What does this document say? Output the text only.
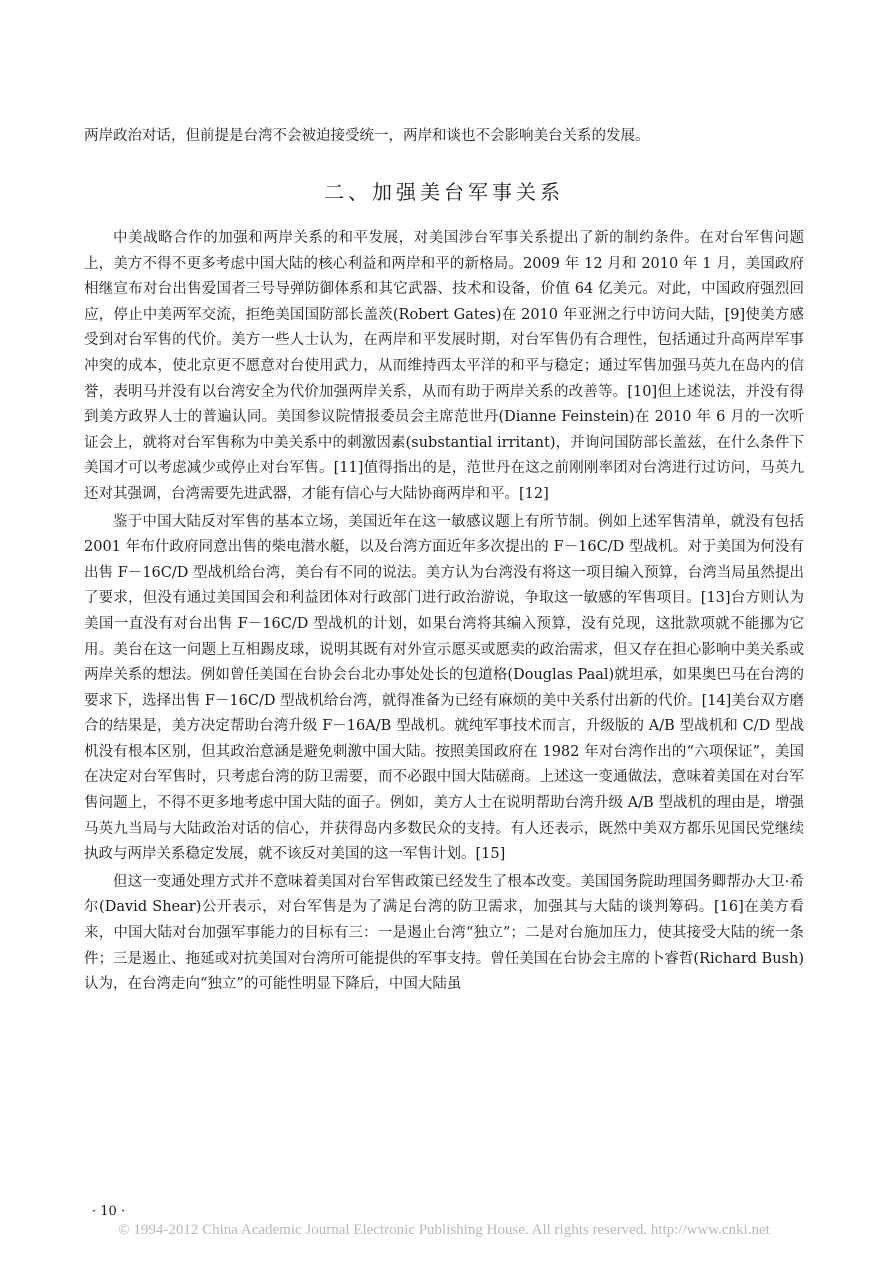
两岸政治对话，但前提是台湾不会被迫接受统一，两岸和谈也不会影响美台关系的发展。

二、加强美台军事关系

中美战略合作的加强和两岸关系的和平发展，对美国涉台军事关系提出了新的制约条件。在对台军售问题上，美方不得不更多考虑中国大陆的核心利益和两岸和平的新格局。2009 年 12 月和 2010 年 1 月，美国政府相继宣布对台出售爱国者三号导弹防御体系和其它武器、技术和设备，价值 64 亿美元。对此，中国政府强烈回应，停止中美两军交流，拒绝美国国防部长盖茨(Robert Gates)在 2010 年亚洲之行中访问大陆，[9]使美方感受到对台军售的代价。美方一些人士认为，在两岸和平发展时期，对台军售仍有合理性，包括通过升高两岸军事冲突的成本，使北京更不愿意对台使用武力，从而维持西太平洋的和平与稳定；通过军售加强马英九在岛内的信誉，表明马并没有以台湾安全为代价加强两岸关系，从而有助于两岸关系的改善等。[10]但上述说法，并没有得到美方政界人士的普遍认同。美国参议院情报委员会主席范世丹(Dianne Feinstein)在 2010 年 6 月的一次听证会上，就将对台军售称为中美关系中的刺激因素(substantial irritant)，并询问国防部长盖兹，在什么条件下美国才可以考虑减少或停止对台军售。[11]值得指出的是，范世丹在这之前刚刚率团对台湾进行过访问，马英九还对其强调，台湾需要先进武器，才能有信心与大陆协商两岸和平。[12]

鉴于中国大陆反对军售的基本立场，美国近年在这一敏感议题上有所节制。例如上述军售清单，就没有包括 2001 年布什政府同意出售的柴电潜水艇，以及台湾方面近年多次提出的 F－16C/D 型战机。对于美国为何没有出售 F－16C/D 型战机给台湾，美台有不同的说法。美方认为台湾没有将这一项目编入预算，台湾当局虽然提出了要求，但没有通过美国国会和利益团体对行政部门进行政治游说，争取这一敏感的军售项目。[13]台方则认为美国一直没有对台出售 F－16C/D 型战机的计划，如果台湾将其编入预算，没有兑现，这批款项就不能挪为它用。美台在这一问题上互相踢皮球，说明其既有对外宣示愿买或愿卖的政治需求，但又存在担心影响中美关系或两岸关系的想法。例如曾任美国在台协会台北办事处处长的包道格(Douglas Paal)就坦承，如果奥巴马在台湾的要求下，选择出售 F－16C/D 型战机给台湾，就得准备为已经有麻烦的美中关系付出新的代价。[14]美台双方磨合的结果是，美方决定帮助台湾升级 F－16A/B 型战机。就纯军事技术而言，升级版的 A/B 型战机和 C/D 型战机没有根本区别，但其政治意涵是避免刺激中国大陆。按照美国政府在 1982 年对台湾作出的“六项保证”，美国在决定对台军售时，只考虑台湾的防卫需要，而不必跟中国大陆磋商。上述这一变通做法，意味着美国在对台军售问题上，不得不更多地考虑中国大陆的面子。例如，美方人士在说明帮助台湾升级 A/B 型战机的理由是，增强马英九当局与大陆政治对话的信心，并获得岛内多数民众的支持。有人还表示，既然中美双方都乐见国民党继续执政与两岸关系稳定发展，就不该反对美国的这一军售计划。[15]

但这一变通处理方式并不意味着美国对台军售政策已经发生了根本改变。美国国务院助理国务卿帮办大卫·希尔(David Shear)公开表示，对台军售是为了满足台湾的防卫需求，加强其与大陆的谈判筹码。[16]在美方看来，中国大陆对台加强军事能力的目标有三：一是遏止台湾“独立”；二是对台施加压力，使其接受大陆的统一条件；三是遏止、拖延或对抗美国对台湾所可能提供的军事支持。曾任美国在台协会主席的卜睿哲(Richard Bush)认为，在台湾走向“独立”的可能性明显下降后，中国大陆虽

· 10 ·
© 1994-2012 China Academic Journal Electronic Publishing House. All rights reserved. http://www.cnki.net
